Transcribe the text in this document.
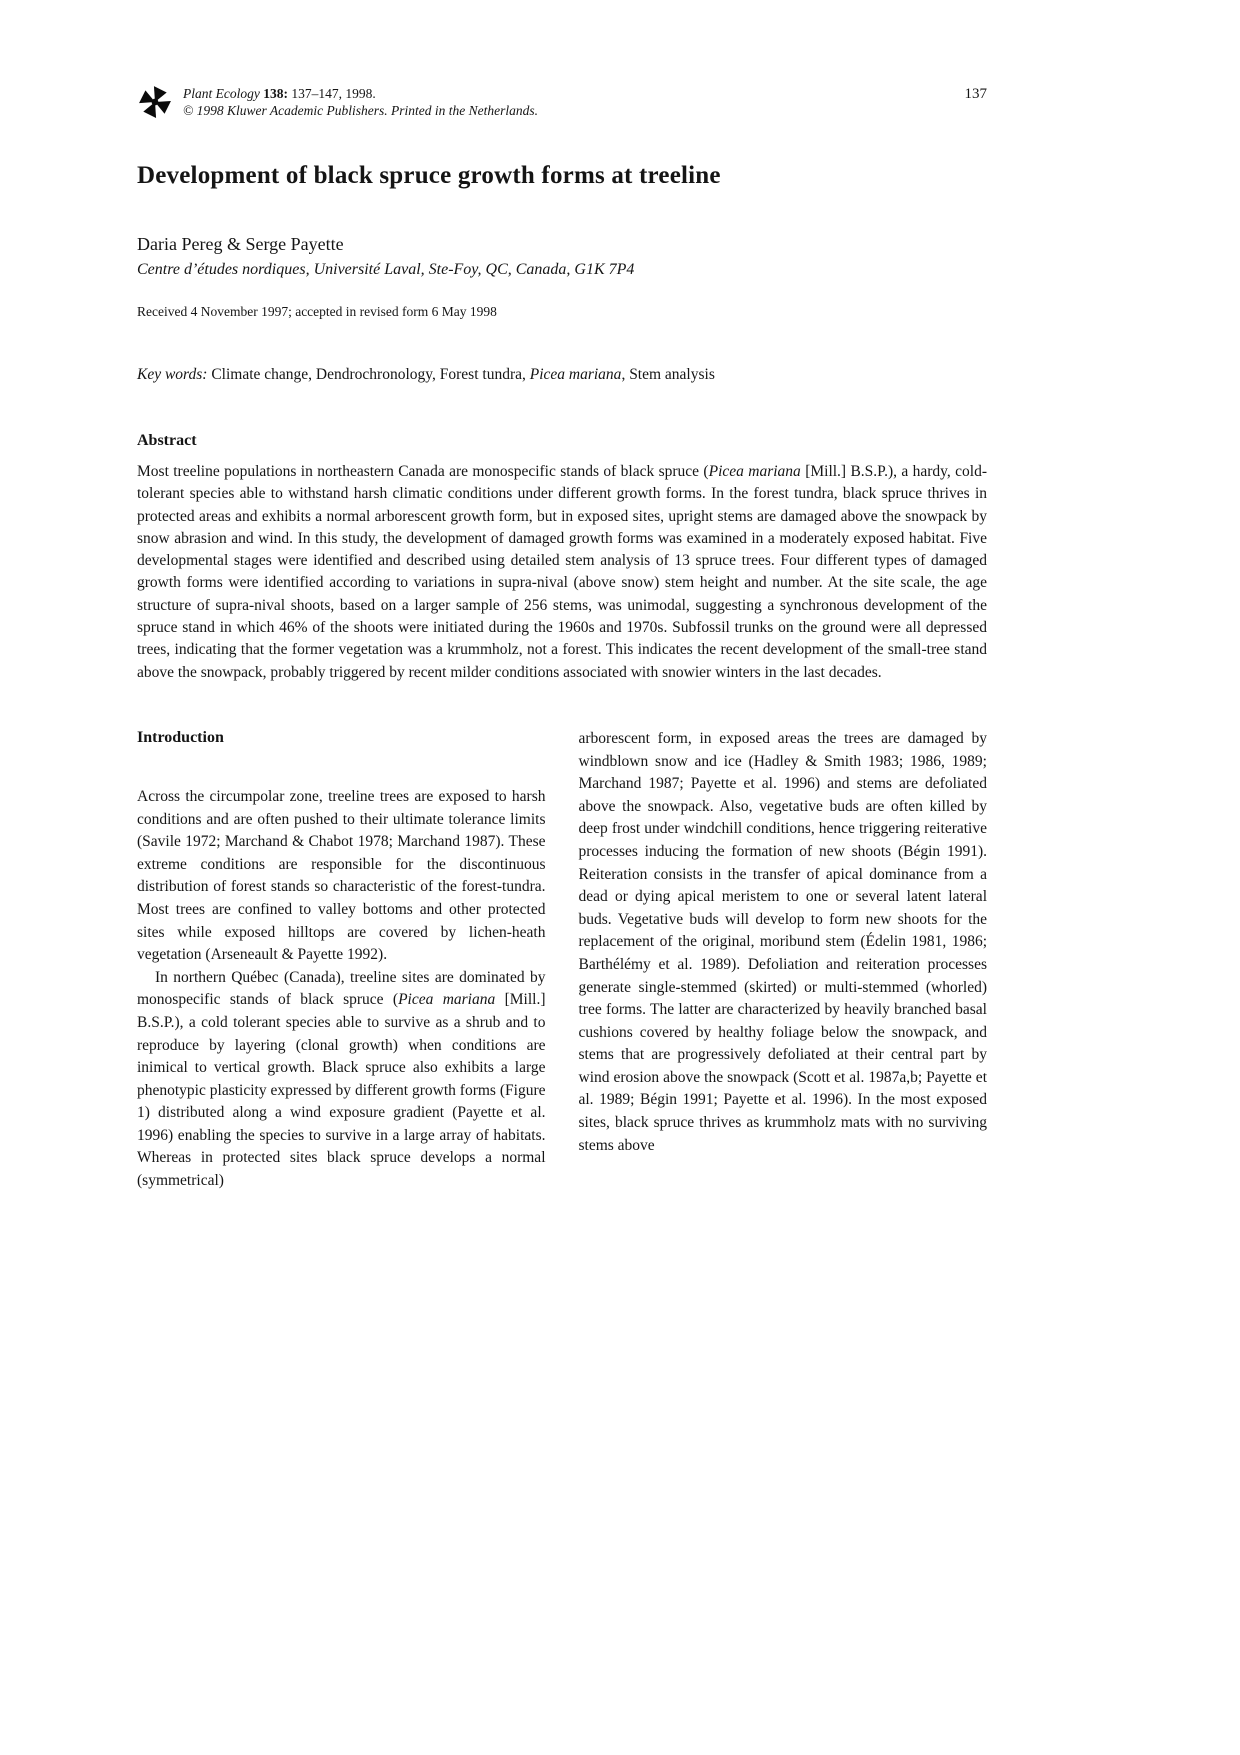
Plant Ecology 138: 137–147, 1998.
© 1998 Kluwer Academic Publishers. Printed in the Netherlands.
137
Development of black spruce growth forms at treeline
Daria Pereg & Serge Payette
Centre d’études nordiques, Université Laval, Ste-Foy, QC, Canada, G1K 7P4
Received 4 November 1997; accepted in revised form 6 May 1998
Key words: Climate change, Dendrochronology, Forest tundra, Picea mariana, Stem analysis
Abstract

Most treeline populations in northeastern Canada are monospecific stands of black spruce (Picea mariana [Mill.] B.S.P.), a hardy, cold-tolerant species able to withstand harsh climatic conditions under different growth forms. In the forest tundra, black spruce thrives in protected areas and exhibits a normal arborescent growth form, but in exposed sites, upright stems are damaged above the snowpack by snow abrasion and wind. In this study, the development of damaged growth forms was examined in a moderately exposed habitat. Five developmental stages were identified and described using detailed stem analysis of 13 spruce trees. Four different types of damaged growth forms were identified according to variations in supra-nival (above snow) stem height and number. At the site scale, the age structure of supra-nival shoots, based on a larger sample of 256 stems, was unimodal, suggesting a synchronous development of the spruce stand in which 46% of the shoots were initiated during the 1960s and 1970s. Subfossil trunks on the ground were all depressed trees, indicating that the former vegetation was a krummholz, not a forest. This indicates the recent development of the small-tree stand above the snowpack, probably triggered by recent milder conditions associated with snowier winters in the last decades.

Introduction

Across the circumpolar zone, treeline trees are exposed to harsh conditions and are often pushed to their ultimate tolerance limits (Savile 1972; Marchand & Chabot 1978; Marchand 1987). These extreme conditions are responsible for the discontinuous distribution of forest stands so characteristic of the forest-tundra. Most trees are confined to valley bottoms and other protected sites while exposed hilltops are covered by lichen-heath vegetation (Arseneault & Payette 1992).

In northern Québec (Canada), treeline sites are dominated by monospecific stands of black spruce (Picea mariana [Mill.] B.S.P.), a cold tolerant species able to survive as a shrub and to reproduce by layering (clonal growth) when conditions are inimical to vertical growth. Black spruce also exhibits a large phenotypic plasticity expressed by different growth forms (Figure 1) distributed along a wind exposure gradient (Payette et al. 1996) enabling the species to survive in a large array of habitats. Whereas in protected sites black spruce develops a normal (symmetrical)

arborescent form, in exposed areas the trees are damaged by windblown snow and ice (Hadley & Smith 1983; 1986, 1989; Marchand 1987; Payette et al. 1996) and stems are defoliated above the snowpack. Also, vegetative buds are often killed by deep frost under windchill conditions, hence triggering reiterative processes inducing the formation of new shoots (Bégin 1991). Reiteration consists in the transfer of apical dominance from a dead or dying apical meristem to one or several latent lateral buds. Vegetative buds will develop to form new shoots for the replacement of the original, moribund stem (Édelin 1981, 1986; Barthélémy et al. 1989). Defoliation and reiteration processes generate single-stemmed (skirted) or multi-stemmed (whorled) tree forms. The latter are characterized by heavily branched basal cushions covered by healthy foliage below the snowpack, and stems that are progressively defoliated at their central part by wind erosion above the snowpack (Scott et al. 1987a,b; Payette et al. 1989; Bégin 1991; Payette et al. 1996). In the most exposed sites, black spruce thrives as krummholz mats with no surviving stems above
